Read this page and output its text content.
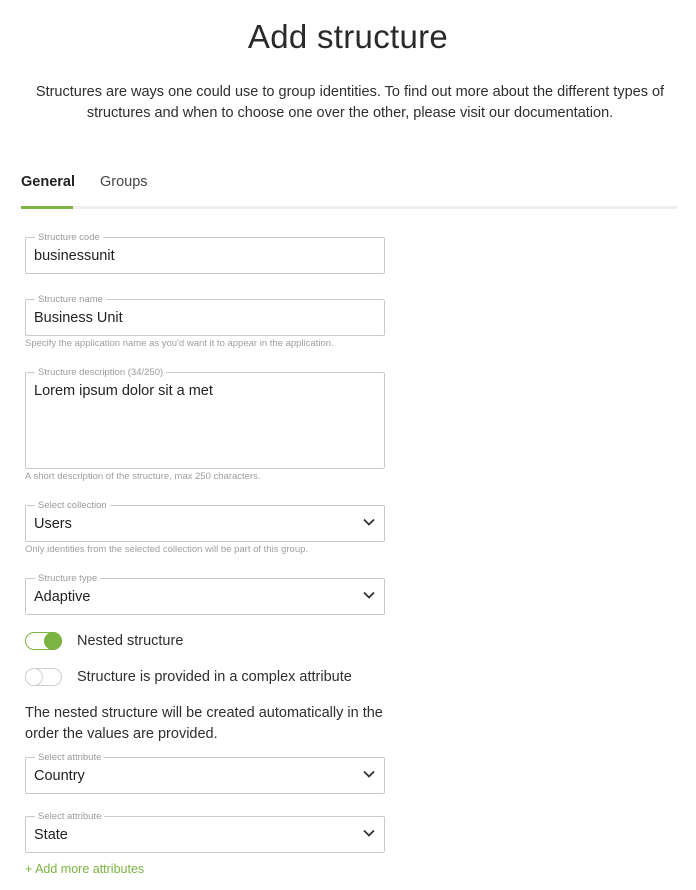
Add structure

Structures are ways one could use to group identities. To find out more about the different types of structures and when to choose one over the other, please visit our documentation.

General Groups
Structure code
businessunit
Structure name
Business Unit
Specify the application name as you'd want it to appear in the application.
Structure description (34/250)
Lorem ipsum dolor sit a met
A short description of the structure, max 250 characters.
Select collection
Users
Only identities from the selected collection will be part of this group.
Structure type
Adaptive
Nested structure
Structure is provided in a complex attribute

The nested structure will be created automatically in the order the values are provided.

Select attribute
Country
Select attribute
State
+ Add more attributes
